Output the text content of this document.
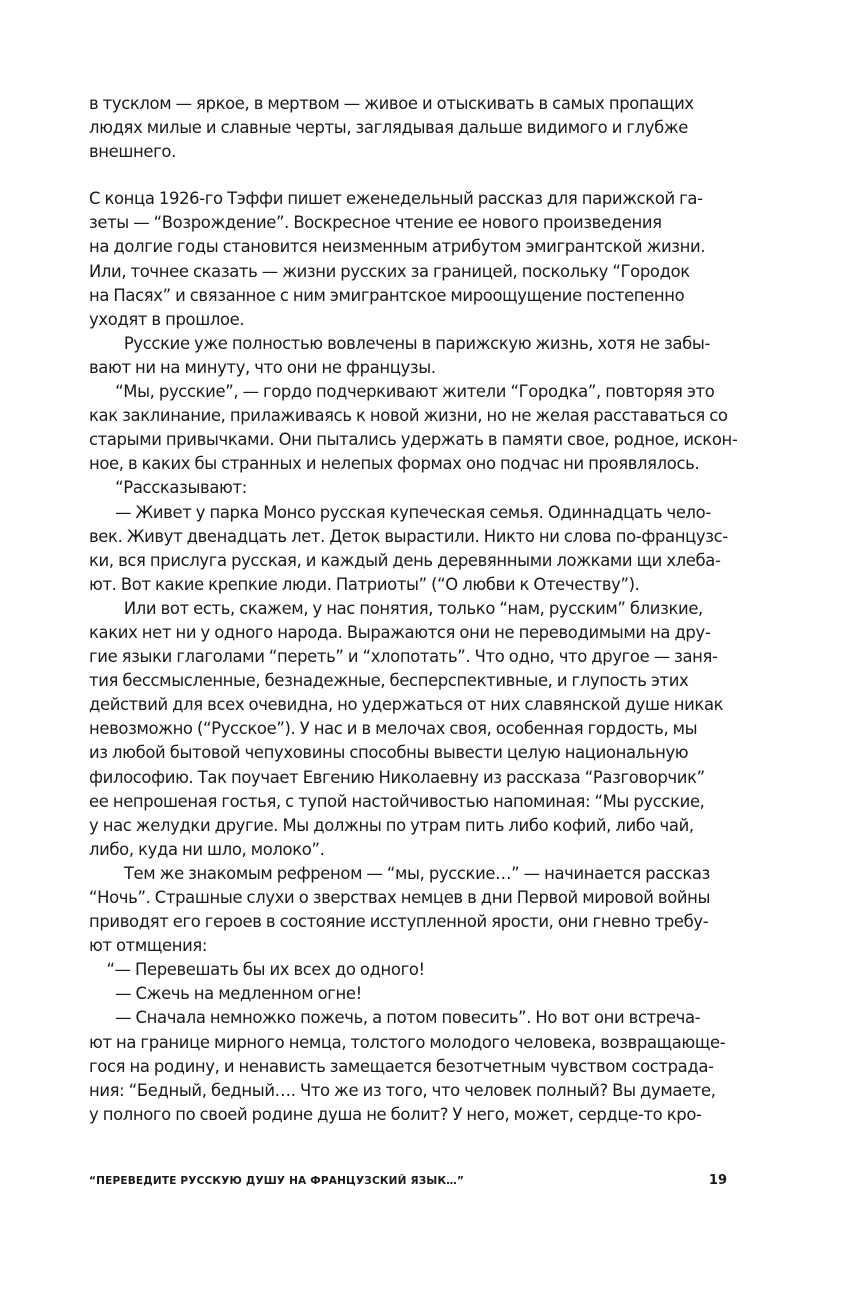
в тусклом — яркое, в мертвом — живое и отыскивать в самых пропащих
людях милые и славные черты, заглядывая дальше видимого и глубже
внешнего.
С конца 1926-го Тэффи пишет еженедельный рассказ для парижской га-
зеты — “Возрождение”. Воскресное чтение ее нового произведения
на долгие годы становится неизменным атрибутом эмигрантской жизни.
Или, точнее сказать — жизни русских за границей, поскольку “Городок
на Пасях” и связанное с ним эмигрантское мироощущение постепенно
уходят в прошлое.
Русские уже полностью вовлечены в парижскую жизнь, хотя не забы-
вают ни на минуту, что они не французы.
“Мы, русские”, — гордо подчеркивают жители “Городка”, повторяя это
как заклинание, прилаживаясь к новой жизни, но не желая расставаться со
старыми привычками. Они пытались удержать в памяти свое, родное, искон-
ное, в каких бы странных и нелепых формах оно подчас ни проявлялось.
“Рассказывают:
— Живет у парка Монсо русская купеческая семья. Одиннадцать чело-
век. Живут двенадцать лет. Деток вырастили. Никто ни слова по-французс-
ки, вся прислуга русская, и каждый день деревянными ложками щи хлеба-
ют. Вот какие крепкие люди. Патриоты” (“О любви к Отечеству”).
Или вот есть, скажем, у нас понятия, только “нам, русским” близкие,
каких нет ни у одного народа. Выражаются они не переводимыми на дру-
гие языки глаголами “переть” и “хлопотать”. Что одно, что другое — заня-
тия бессмысленные, безнадежные, бесперспективные, и глупость этих
действий для всех очевидна, но удержаться от них славянской душе никак
невозможно (“Русское”). У нас и в мелочах своя, особенная гордость, мы
из любой бытовой чепуховины способны вывести целую национальную
философию. Так поучает Евгению Николаевну из рассказа “Разговорчик”
ее непрошеная гостья, с тупой настойчивостью напоминая: “Мы русские,
у нас желудки другие. Мы должны по утрам пить либо кофий, либо чай,
либо, куда ни шло, молоко”.
Тем же знакомым рефреном — “мы, русские…” — начинается рассказ
“Ночь”. Страшные слухи о зверствах немцев в дни Первой мировой войны
приводят его героев в состояние исступленной ярости, они гневно требу-
ют отмщения:
“— Перевешать бы их всех до одного!
— Сжечь на медленном огне!
— Сначала немножко пожечь, а потом повесить”. Но вот они встреча-
ют на границе мирного немца, толстого молодого человека, возвращающе-
гося на родину, и ненависть замещается безотчетным чувством сострада-
ния: “Бедный, бедный…. Что же из того, что человек полный? Вы думаете,
у полного по своей родине душа не болит? У него, может, сердце-то кро-
“ПЕРЕВЕДИТЕ РУССКУЮ ДУШУ НА ФРАНЦУЗСКИЙ ЯЗЫК…”	19
